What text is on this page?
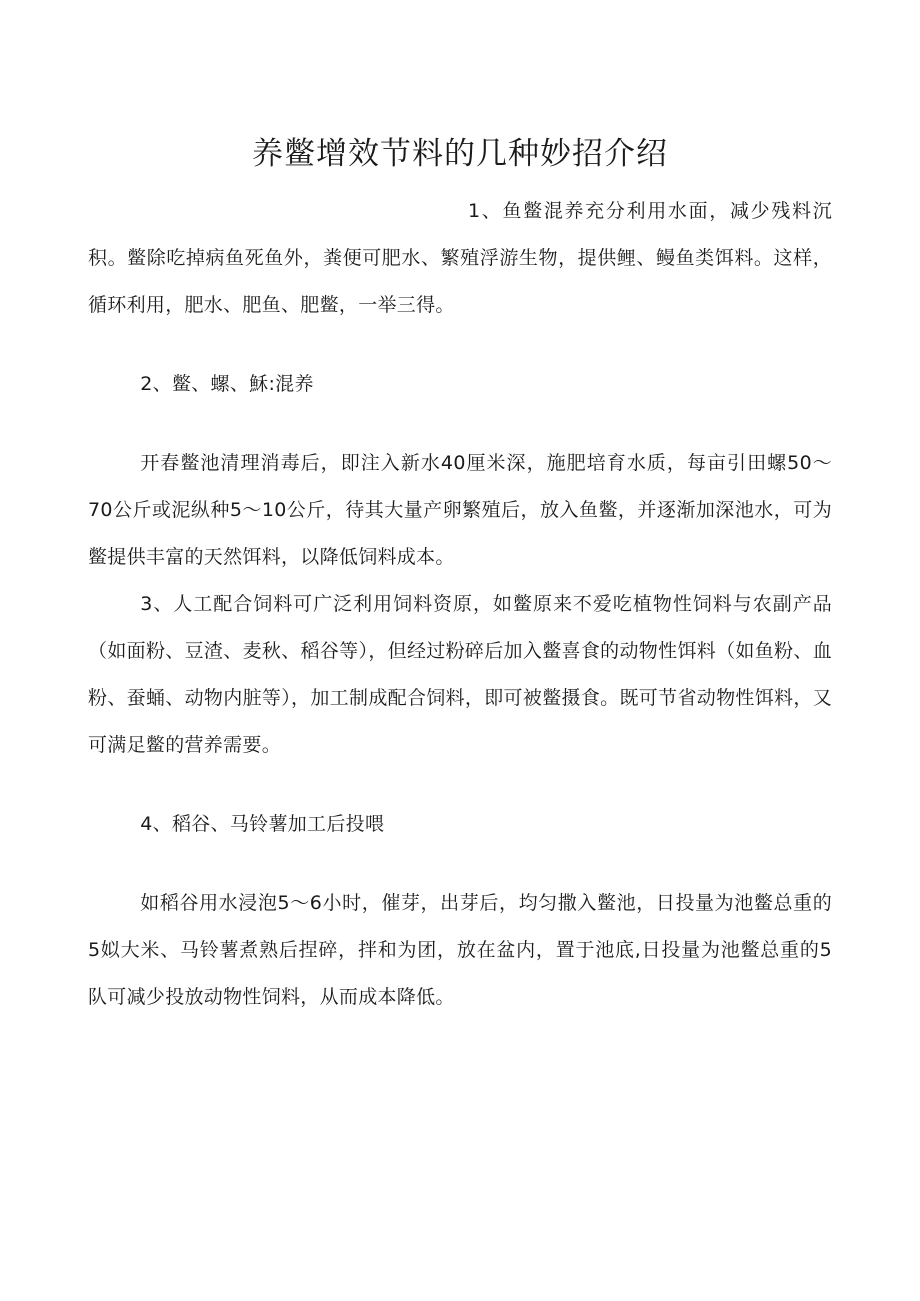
养鳖增效节料的几种妙招介绍

1、鱼鳖混养充分利用水面，减少残料沉积。鳖除吃掉病鱼死鱼外，粪便可肥水、繁殖浮游生物，提供鲤、鳗鱼类饵料。这样，循环利用，肥水、肥鱼、肥鳖，一举三得。

2、鳖、螺、穌:混养

开春鳖池清理消毒后，即注入新水40厘米深，施肥培育水质，每亩引田螺50～70公斤或泥纵种5～10公斤，待其大量产卵繁殖后，放入鱼鳖，并逐渐加深池水，可为鳖提供丰富的天然饵料，以降低饲料成本。

3、人工配合饲料可广泛利用饲料资原，如鳖原来不爱吃植物性饲料与农副产品（如面粉、豆渣、麦秋、稻谷等），但经过粉碎后加入鳖喜食的动物性饵料（如鱼粉、血粉、蚕蛹、动物内脏等），加工制成配合饲料，即可被鳖摄食。既可节省动物性饵料，又可满足鳖的营养需要。

4、稻谷、马铃薯加工后投喂

如稻谷用水浸泡5～6小时，催芽，出芽后，均匀撒入鳖池，日投量为池鳖总重的5姒大米、马铃薯煮熟后捏碎，拌和为团，放在盆内，置于池底,日投量为池鳖总重的5队可减少投放动物性饲料，从而成本降低。
